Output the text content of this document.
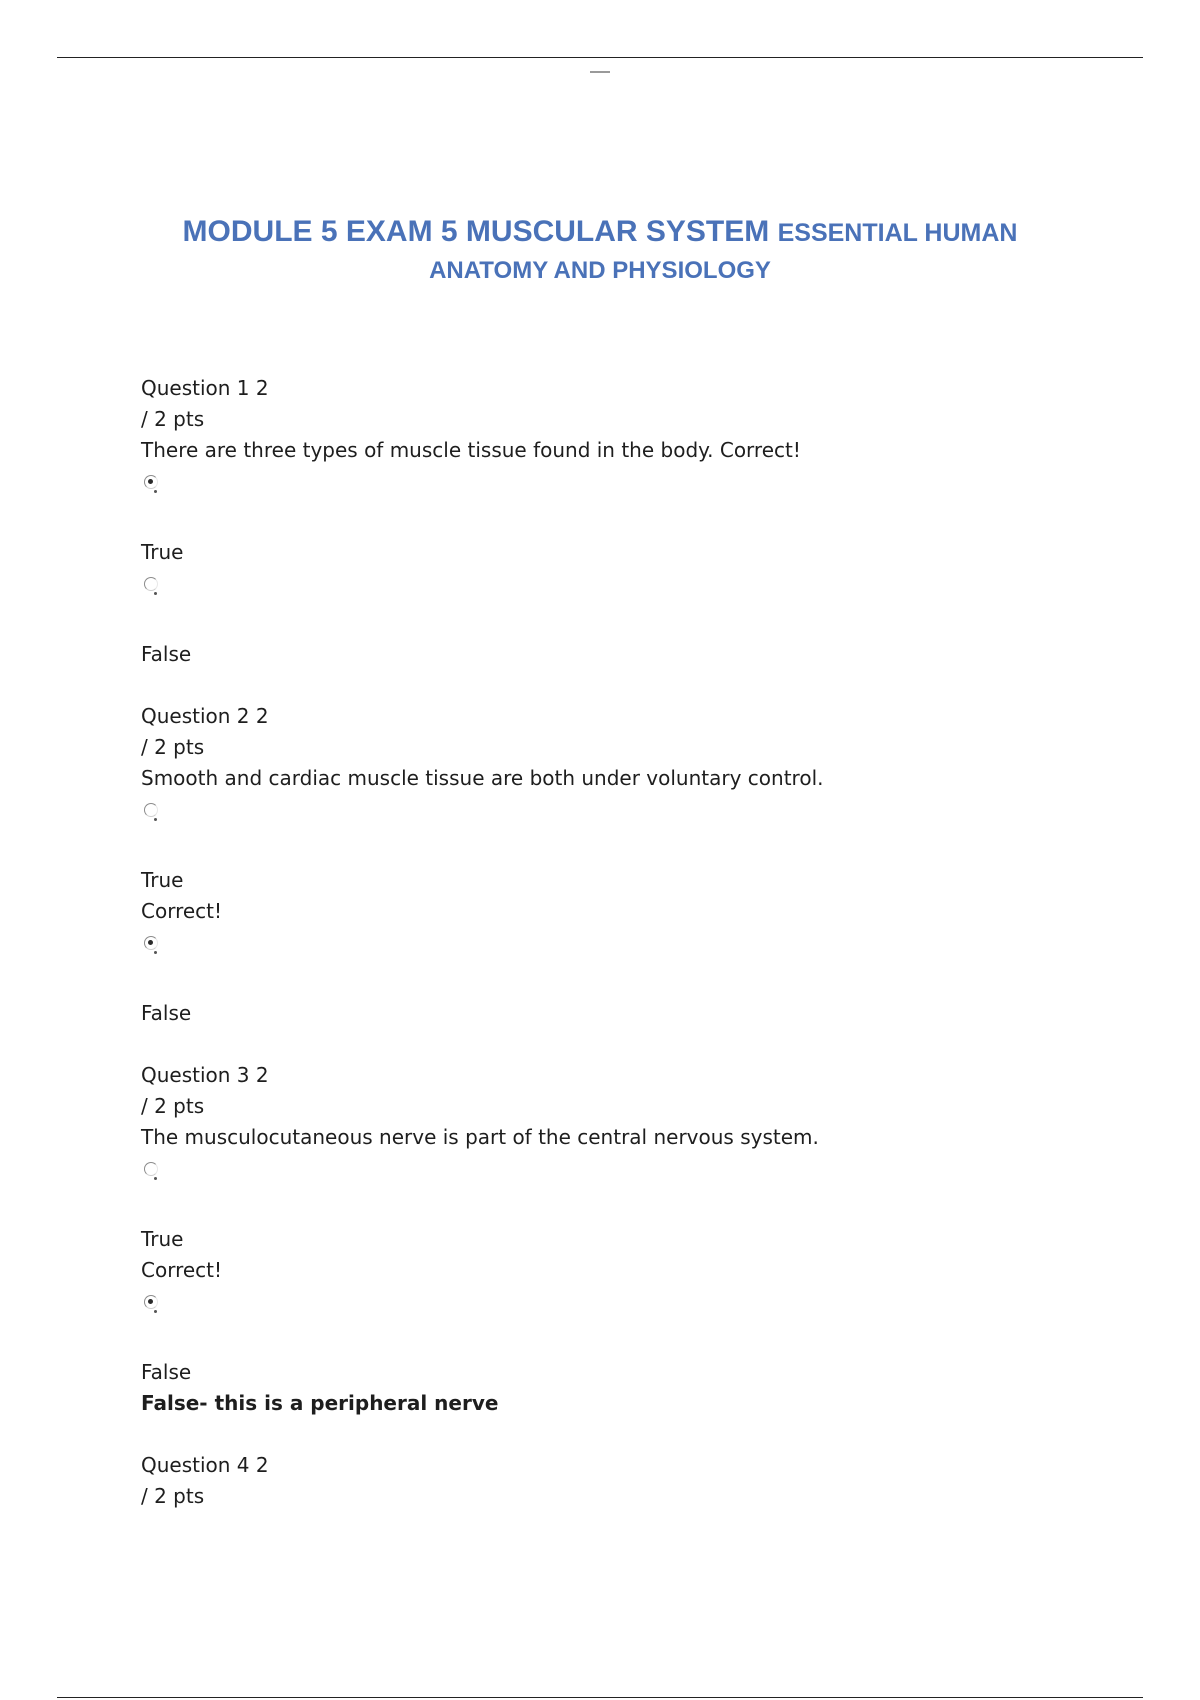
MODULE 5 EXAM 5 MUSCULAR SYSTEM ESSENTIAL HUMAN
ANATOMY AND PHYSIOLOGY
Question 1 2
/ 2 pts
There are three types of muscle tissue found in the body. Correct!
True
False
Question 2 2
/ 2 pts
Smooth and cardiac muscle tissue are both under voluntary control.
True
Correct!
False
Question 3 2
/ 2 pts
The musculocutaneous nerve is part of the central nervous system.
True
Correct!
False
False- this is a peripheral nerve
Question 4 2
/ 2 pts
